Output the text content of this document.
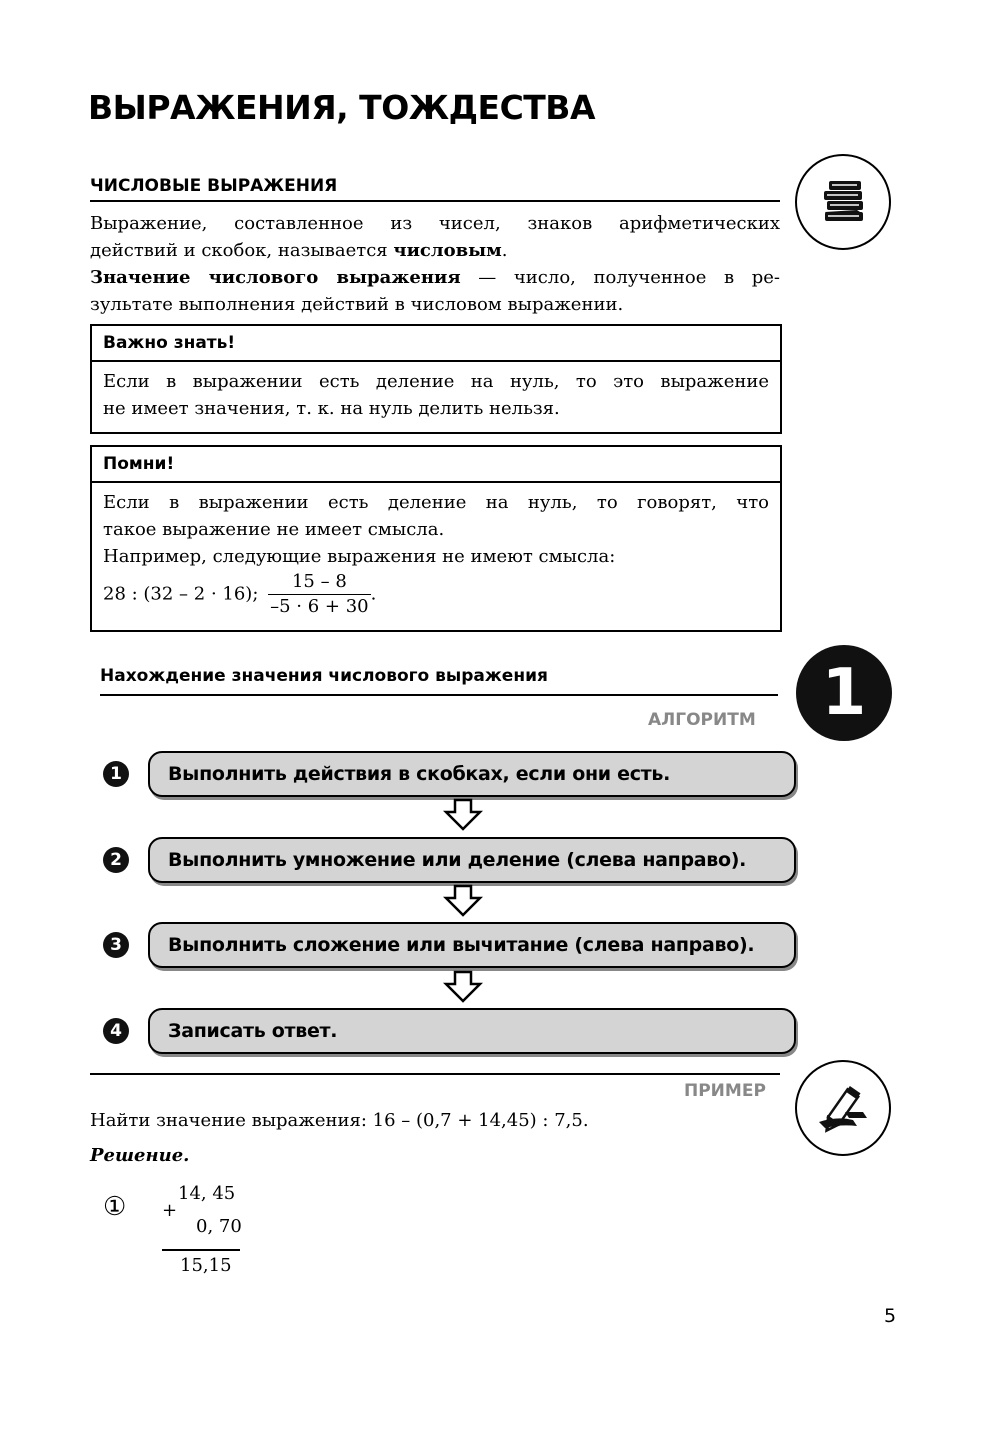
ВЫРАЖЕНИЯ, ТОЖДЕСТВА
ЧИСЛОВЫЕ ВЫРАЖЕНИЯ
Выражение, составленное из чисел, знаков арифметических
действий и скобок, называется числовым.
Значение числового выражения — число, полученное в ре-
зультате выполнения действий в числовом выражении.
Важно знать!
Если в выражении есть деление на нуль, то это выражение
не имеет значения, т. к. на нуль делить нельзя.
Помни!
Если в выражении есть деление на нуль, то говорят, что
такое выражение не имеет смысла.
Например, следующие выражения не имеют смысла:
28 : (32 – 2 · 16); $\frac{15 - 8}{-5 \cdot 6 + 30}$ .
Нахождение значения числового выражения	1
АЛГОРИТМ
1	Выполнить действия в скобках, если они есть.
2	Выполнить умножение или деление (слева направо).
3	Выполнить сложение или вычитание (слева направо).
4	Записать ответ.
ПРИМЕР
Найти значение выражения: 16 – (0,7 + 14,45) : 7,5.
Решение.
① +
14, 45
0, 70
15,15
5
